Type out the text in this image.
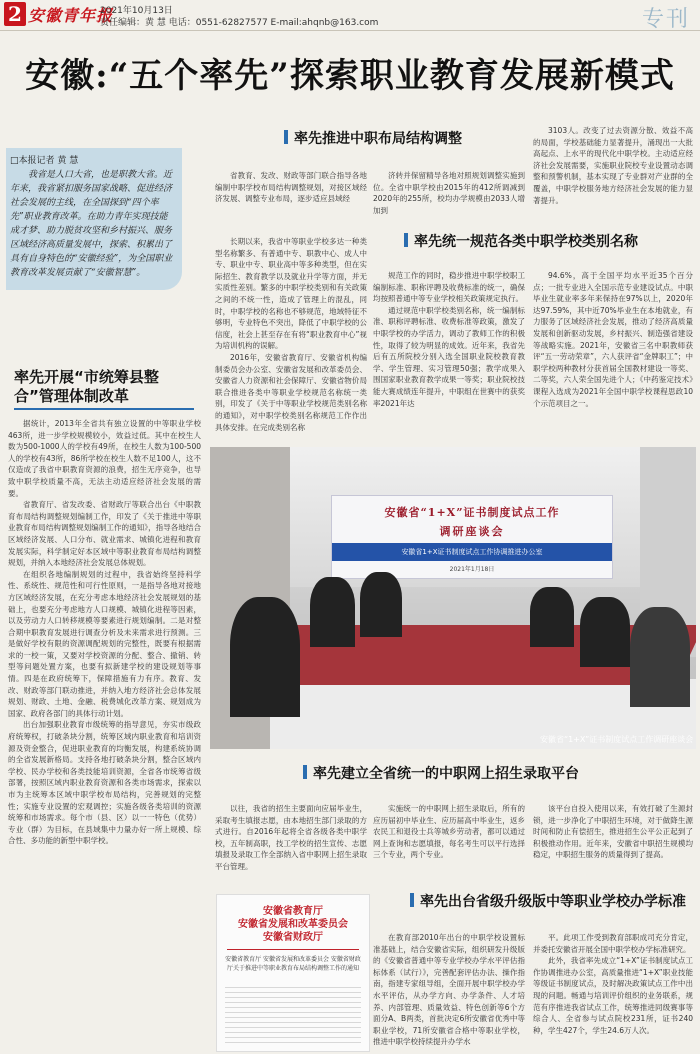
2 安徽青年报
2021年10月13日
责任编辑：黄 慧 电话：0551-62827577 E-mail:ahqnb@163.com	专刊
安徽:“五个率先”探索职业教育发展新模式
□本报记者 黄 慧
我省是人口大省，也是职教大省。近年来，我省紧扣服务国家战略、促进经济社会发展的主线，在全国探到“四个率先”职业教育改革。在助力青年实现技能成才梦、助力脱贫攻坚和乡村振兴、服务区域经济高质量发展中，探索、积累出了具有自身特色的“安徽经验”，为全国职业教育改革发展贡献了“安徽智慧”。
率先开展“市统筹县整合”管理体制改革

据统计，2013年全省共有独立设置的中等职业学校463所，进一步学校规模较小，效益过低。其中在校生人数为500-1000人的学校有49所，在校生人数为100-500人的学校有43所，86所学校在校生人数不足100人，这不仅造成了我省中职教育资源的浪费，招生无序竞争，也导致中职学校质量不高，无法主动适应经济社会发展的需要。

省教育厅、省发改委、省财政厅等联合出台《中职教育布局结构调整规划编制工作，印发了《关于推进中等职业教育布局结构调整规划编制工作的通知》，指导各地结合区域经济发展、人口分布、就业需求、城镇化进程和教育发展实际，科学制定好本区域中等职业教育布局结构调整规划，并纳入本地经济社会发展总体规划。

在组织各地编制规划的过程中，我省始终坚持科学性、系统性、规范性和可行性原则，一是指导各地对接地方区域经济发展，在充分考虑本地经济社会发展规划的基础上，也要充分考虑地方人口规模、城镇化进程等因素，以及劳动力人口转移规模等要素进行规划编制。二是对整合期中职教育发展进行调查分析及未来需求进行预测。三是做好学校有限的资源调配规划的完整性，既要有根据需求的一校一策，又要对学校资源的分配、整合、撤销、转型等问题处置方案，也要有拟新建学校的建设规划等事情。四是在政府统筹下，保障措施有力有序。教育、发改、财政等部门联动推进，并纳入地方经济社会总体发展规划、财政、土地、金融、税费城化改革方案、规划成为国家、政府各部门的具体行动计划。

出台加强职业教育市级统筹的指导意见，夯实市级政府统筹权，打破条块分割，统筹区域内职业教育和培训资源及资金整合，促进职业教育的均衡发展，构建系统协调的全省发展新格局。支持各地打破条块分割，整合区域内学校、民办学校和各类技能培训资源，全省各市统筹省级部署，按照区域内职业教育资源和各类市场需求，探索以市为主统筹本区域中职学校布局结构，完善规划的完整性；实施专业设置的宏观调控；实施各级各类培训的资源统筹和市场需求。每个市（县、区）以一一特色（优势）专业（群）为目标，在县域集中力量办好一所上规模、综合性、多功能的新型中职学校。

率先推进中职布局结构调整

省教育、发改、财政等部门联合指导各地编制中职学校布局结构调整规划，对接区域经济发展、调整专业布局，逐步适应县域经

济转并保留精导各地对照规划调整实施到位。全省中职学校由2015年的412所调减到2020年的255所，校均办学规模由2033人增加到

3103人。改变了过去资源分散、效益不高的局面，学校基础能力显著提升，涌现出一大批高起点、上水平的现代化中职学校。主动适应经济社会发展需要，实施职业院校专业设置动态调整和预警机制，基本实现了专业群对产业群的全覆盖，中职学校服务地方经济社会发展的能力显著提升。

率先统一规范各类中职学校类别名称

长期以来，我省中等职业学校多达一种类型名称繁多、有普通中专、职教中心、成人中专、职业中专、职业高中等多种类型，但在实际招生、教育教学以及就业升学等方面，并无实质性差别。繁多的中职学校类别和有关政策之间的不统一性，造成了管理上的混乱，同时，中职学校的名称也不够规范，地域特征不够明，专业特色不突出，降低了中职学校的公信度，社会上甚至存在有将“职业教育中心”视为培训机构的误解。

2016年，安徽省教育厅、安徽省机构编制委员会办公室、安徽省发展和改革委员会、安徽省人力资源和社会保障厅、安徽省物价局联合推进各类中等职业学校规范名称统一类别，印发了《关于中等职业学校规范类别名称的通知》，对中职学校类别名称规范工作作出具体安排。在完成类别名称

规范工作的同时，稳步推进中职学校职工编制标准、职称评聘及收费标准的统一，确保均按照普通中等专业学校相关政策规定执行。

通过规范中职学校类别名称，统一编制标准、职称评聘标准、收费标准等政策，激发了中职学校的办学活力，调动了教师工作的积极性，取得了较为明显的成效。近年来，我省先后有五所院校分别入选全国职业院校教育教学、学生管理、实习管理50强；教学成果入围国家职业教育教学成果一等奖；职业院校技能大赛成绩连年提升，中职组在世赛中的获奖率2021年达

94.6%，高于全国平均水平近35个百分点；一批专业进入全国示范专业建设试点。中职毕业生就业率多年来保持在97%以上，2020年达97.59%，其中近70%毕业生在本地就业，有力服务了区域经济社会发展，推动了经济高质量发展和创新驱动发展，乡村振兴、制造强省建设等战略实施。2021年，安徽省三名中职教师获评“五一劳动荣章”，六人获评省“金牌职工”；中职学校两种教材分获首届全国教材建设一等奖、二等奖，六人荣全国先进个人；《中药鉴定技术》课程入选成为2021年全国中职学校课程思政10个示范项目之一。

安徽省“1+X”证书制度试点工作
调研座谈会
安徽省1+X证书制度试点工作协调推进办公室
2021年1月18日
安徽省“1+X”证书制度试点工作调研座谈会
率先建立全省统一的中职网上招生录取平台

以往，我省的招生主要面向应届毕业生，采取考生填报志愿，由本地招生部门录取的方式进行。自2016年起将全省各级各类中职学校，五年制高职，技工学校的招生宣传、志愿填报及录取工作全部纳入省中职网上招生录取平台管理。

实施统一的中职网上招生录取后，所有的应历届初中毕业生、应历届高中毕业生，返乡农民工和退役士兵等城乡劳动者，都可以通过网上查询和志愿填报，每名考生可以平行选择三个专业，两个专业。

该平台自投入使用以来，有效打破了生源封锁，进一步净化了中职招生环境，对于做降生源时间和防止有偿招生，推进招生公平公正起到了积极推动作用。近年来，安徽省中职招生规模均稳定，中职招生服务的质量得到了提高。

率先出台省级升级版中等职业学校办学标准
安徽省教育厅
安徽省发展和改革委员会
安徽省财政厅
安徽省教育厅 安徽省发展和改革委员会 安徽省财政厅关于推进中等职业教育布局结构调整工作的通知

在教育部2010年出台的中职学校设置标准基础上，结合安徽省实际，组织研发升级版的《安徽省普通中等专业学校办学水平评估指标体系（试行）》，完善配套评估办法、操作指南，指建专家组导组，全面开展中职学校办学水平评估，从办学方向、办学条件、人才培养、内部管理、质量效益、特色创新等6个方面分A、B两类，首批决定6所安徽省优秀中等职业学校，71所安徽省合格中等职业学校，推进中职学校持续提升办学水

平。此项工作受到教育部职成司充分肯定，并委托安徽省开展全国中职学校办学标准研究。

此外，我省率先成立“1+X”证书制度试点工作协调推进办公室，高质量推进“1+X”职业技能等级证书制度试点，及时解决政策试点工作中出现的问题。畅通与培训评价组织的业务联系，规范有序推进我省试点工作，统筹推进同级赛事等综合人、全省参与试点院校231所，证书240种，学生427个，学生24.6万人次。
